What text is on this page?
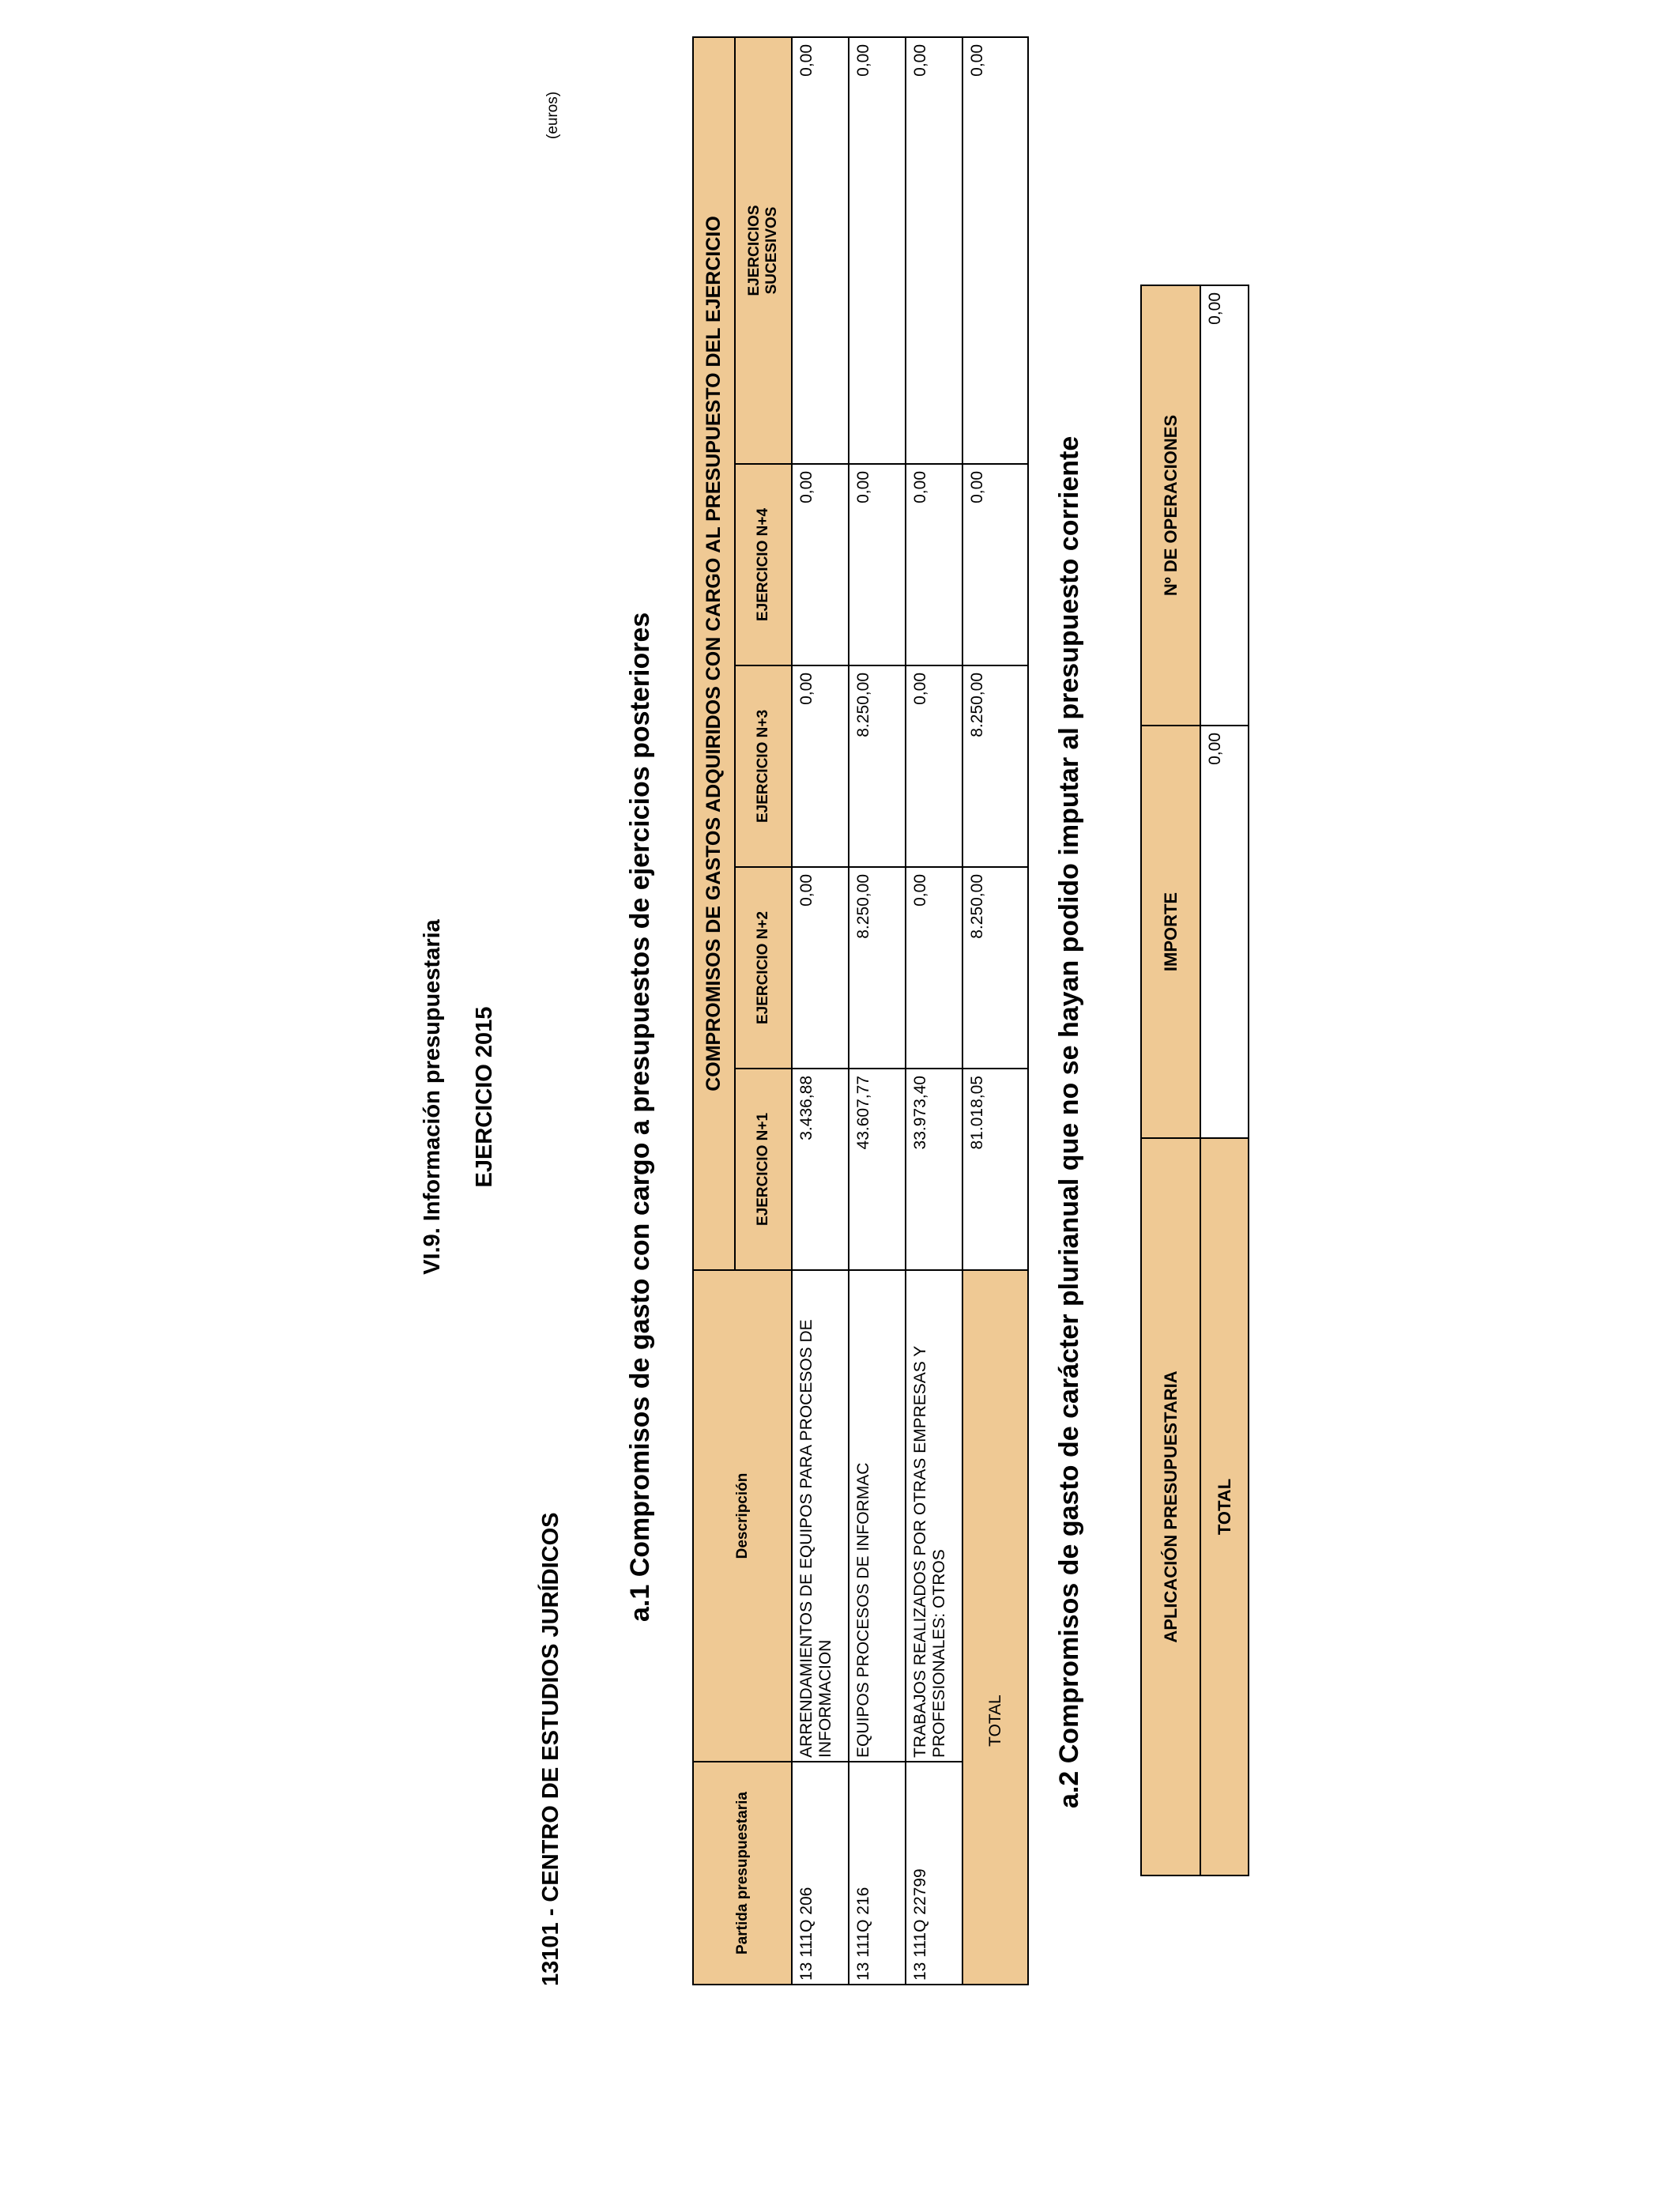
VI.9. Información presupuestaria EJERCICIO 2015
13101 - CENTRO DE ESTUDIOS JURÍDICOS
(euros)
a.1 Compromisos de gasto con cargo a presupuestos de ejercicios posteriores
Partida presupuestaria	Descripción	COMPROMISOS DE GASTOS ADQUIRIDOS CON CARGO AL PRESUPUESTO DEL EJERCICIO				
		EJERCICIO N+1	EJERCICIO N+2	EJERCICIO N+3	EJERCICIO N+4	EJERCICIOS SUCESIVOS

13 111Q 206	ARRENDAMIENTOS DE EQUIPOS PARA PROCESOS DE INFORMACION	3.436,88	0,00	0,00	0,00	0,00
13 111Q 216	EQUIPOS PROCESOS DE INFORMAC	43.607,77	8.250,00	8.250,00	0,00	0,00
13 111Q 22799	TRABAJOS REALIZADOS POR OTRAS EMPRESAS Y PROFESIONALES: OTROS	33.973,40	0,00	0,00	0,00	0,00
TOTAL		81.018,05	8.250,00	8.250,00	0,00	0,00
a.2 Compromisos de gasto de carácter plurianual que no se hayan podido imputar al presupuesto corriente	APLICACIÓN PRESUPUESTARIA	IMPORTE	Nº DE OPERACIONES
TOTAL	0,00	0,00
